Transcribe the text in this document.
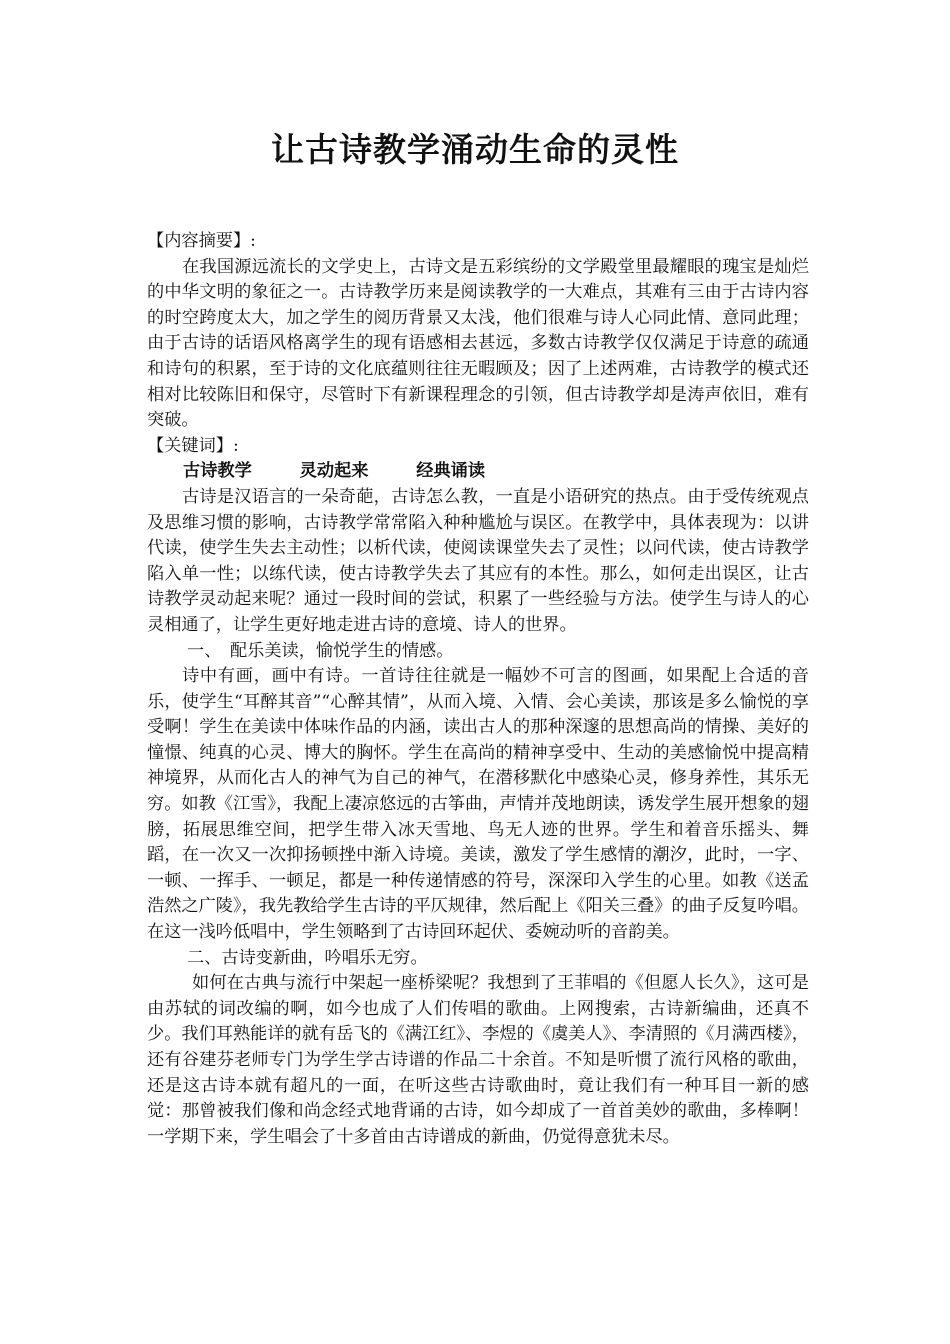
让古诗教学涌动生命的灵性

【内容摘要】:

在我国源远流长的文学史上，古诗文是五彩缤纷的文学殿堂里最耀眼的瑰宝是灿烂的中华文明的象征之一。古诗教学历来是阅读教学的一大难点，其难有三由于古诗内容的时空跨度太大，加之学生的阅历背景又太浅，他们很难与诗人心同此情、意同此理；由于古诗的话语风格离学生的现有语感相去甚远，多数古诗教学仅仅满足于诗意的疏通和诗句的积累，至于诗的文化底蕴则往往无暇顾及；因了上述两难，古诗教学的模式还相对比较陈旧和保守，尽管时下有新课程理念的引领，但古诗教学却是涛声依旧，难有突破。

【关键词】:

古诗教学	灵动起来	经典诵读

古诗是汉语言的一朵奇葩，古诗怎么教，一直是小语研究的热点。由于受传统观点及思维习惯的影响，古诗教学常常陷入种种尴尬与误区。在教学中，具体表现为：以讲代读，使学生失去主动性；以析代读，使阅读课堂失去了灵性；以问代读，使古诗教学陷入单一性；以练代读，使古诗教学失去了其应有的本性。那么，如何走出误区，让古诗教学灵动起来呢？通过一段时间的尝试，积累了一些经验与方法。使学生与诗人的心灵相通了，让学生更好地走进古诗的意境、诗人的世界。

一、　配乐美读，愉悦学生的情感。

诗中有画，画中有诗。一首诗往往就是一幅妙不可言的图画，如果配上合适的音乐，使学生“耳醉其音”“心醉其情”，从而入境、入情、会心美读，那该是多么愉悦的享受啊！学生在美读中体味作品的内涵，读出古人的那种深邃的思想高尚的情操、美好的憧憬、纯真的心灵、博大的胸怀。学生在高尚的精神享受中、生动的美感愉悦中提高精神境界，从而化古人的神气为自己的神气，在潜移默化中感染心灵，修身养性，其乐无穷。如教《江雪》，我配上凄凉悠远的古筝曲，声情并茂地朗读，诱发学生展开想象的翅膀，拓展思维空间，把学生带入冰天雪地、鸟无人迹的世界。学生和着音乐摇头、舞蹈，在一次又一次抑扬顿挫中渐入诗境。美读，激发了学生感情的潮汐，此时，一字、一顿、一挥手、一顿足，都是一种传递情感的符号，深深印入学生的心里。如教《送孟浩然之广陵》，我先教给学生古诗的平仄规律，然后配上《阳关三叠》的曲子反复吟唱。在这一浅吟低唱中，学生领略到了古诗回环起伏、委婉动听的音韵美。

二、古诗变新曲，吟唱乐无穷。

如何在古典与流行中架起一座桥梁呢？我想到了王菲唱的《但愿人长久》，这可是由苏轼的词改编的啊，如今也成了人们传唱的歌曲。上网搜索，古诗新编曲，还真不少。我们耳熟能详的就有岳飞的《满江红》、李煜的《虞美人》、李清照的《月满西楼》，还有谷建芬老师专门为学生学古诗谱的作品二十余首。不知是听惯了流行风格的歌曲，还是这古诗本就有超凡的一面，在听这些古诗歌曲时，竟让我们有一种耳目一新的感觉：那曾被我们像和尚念经式地背诵的古诗，如今却成了一首首美妙的歌曲，多棒啊！一学期下来，学生唱会了十多首由古诗谱成的新曲，仍觉得意犹未尽。
